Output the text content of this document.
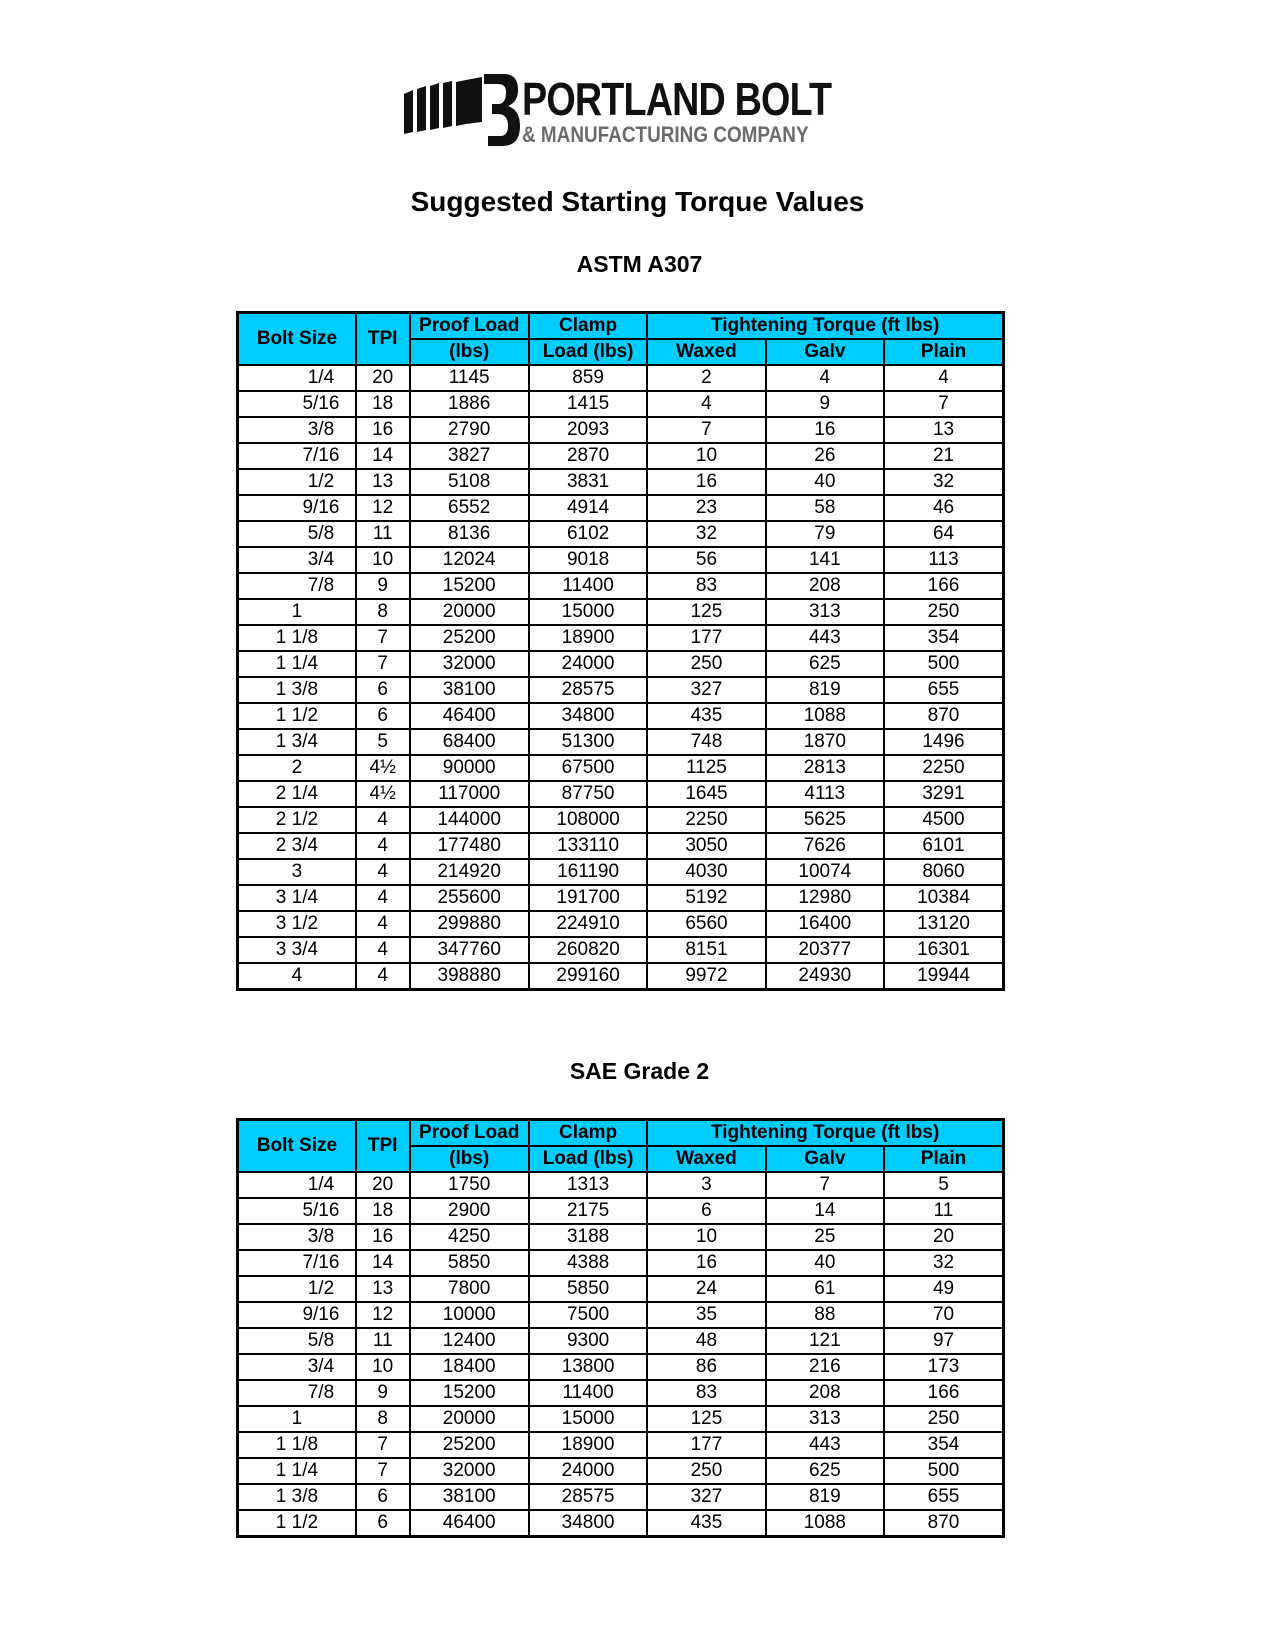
PORTLAND BOLT
& MANUFACTURING COMPANY
Suggested Starting Torque Values
ASTM A307
SAE Grade 2
Bolt Size	TPI	Proof Load	Clamp	Tightening Torque (ft lbs)		
		(lbs)	Load (lbs)	Waxed	Galv	Plain
1/4	20	1145	859	2	4	4
5/16	18	1886	1415	4	9	7
3/8	16	2790	2093	7	16	13
7/16	14	3827	2870	10	26	21
1/2	13	5108	3831	16	40	32
9/16	12	6552	4914	23	58	46
5/8	11	8136	6102	32	79	64
3/4	10	12024	9018	56	141	113
7/8	9	15200	11400	83	208	166
1	8	20000	15000	125	313	250
1 1/8	7	25200	18900	177	443	354
1 1/4	7	32000	24000	250	625	500
1 3/8	6	38100	28575	327	819	655
1 1/2	6	46400	34800	435	1088	870
1 3/4	5	68400	51300	748	1870	1496
2	4½	90000	67500	1125	2813	2250
2 1/4	4½	117000	87750	1645	4113	3291
2 1/2	4	144000	108000	2250	5625	4500
2 3/4	4	177480	133110	3050	7626	6101
3	4	214920	161190	4030	10074	8060
3 1/4	4	255600	191700	5192	12980	10384
3 1/2	4	299880	224910	6560	16400	13120
3 3/4	4	347760	260820	8151	20377	16301
4	4	398880	299160	9972	24930	19944
Bolt Size	TPI	Proof Load	Clamp	Tightening Torque (ft lbs)		
		(lbs)	Load (lbs)	Waxed	Galv	Plain
1/4	20	1750	1313	3	7	5
5/16	18	2900	2175	6	14	11
3/8	16	4250	3188	10	25	20
7/16	14	5850	4388	16	40	32
1/2	13	7800	5850	24	61	49
9/16	12	10000	7500	35	88	70
5/8	11	12400	9300	48	121	97
3/4	10	18400	13800	86	216	173
7/8	9	15200	11400	83	208	166
1	8	20000	15000	125	313	250
1 1/8	7	25200	18900	177	443	354
1 1/4	7	32000	24000	250	625	500
1 3/8	6	38100	28575	327	819	655
1 1/2	6	46400	34800	435	1088	870
